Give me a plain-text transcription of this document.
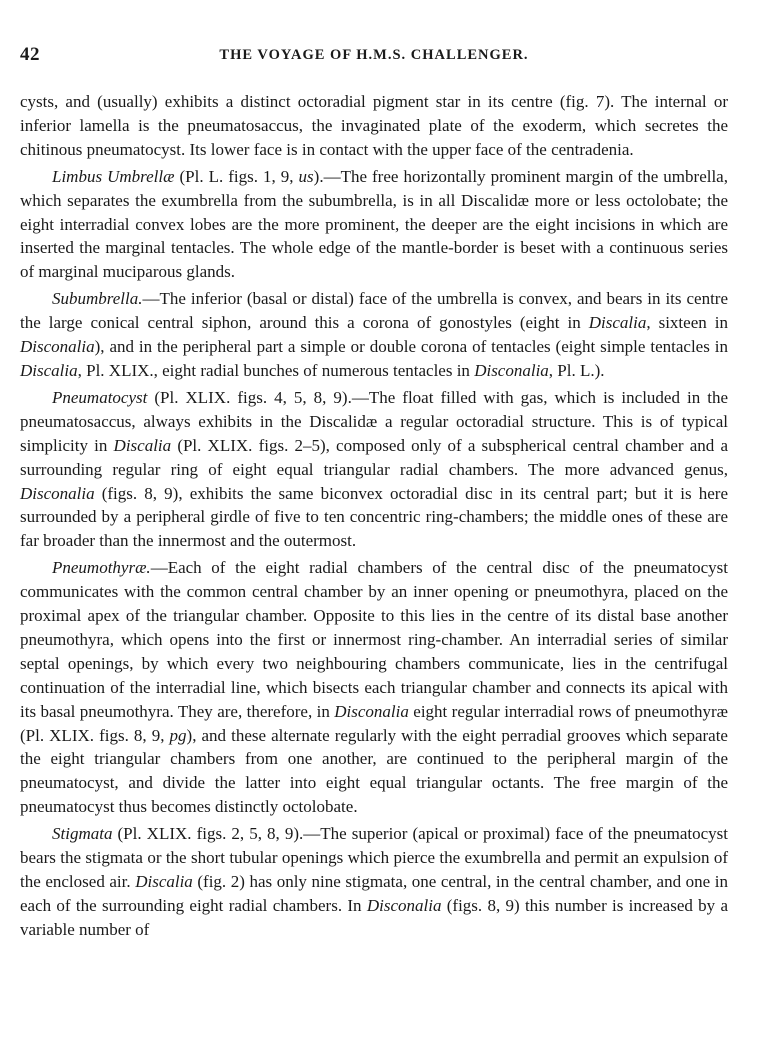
42	THE VOYAGE OF H.M.S. CHALLENGER.

cysts, and (usually) exhibits a distinct octoradial pigment star in its centre (fig. 7). The internal or inferior lamella is the pneumatosaccus, the invaginated plate of the exoderm, which secretes the chitinous pneumatocyst. Its lower face is in contact with the upper face of the centradenia.

Limbus Umbrellæ (Pl. L. figs. 1, 9, us).—The free horizontally prominent margin of the umbrella, which separates the exumbrella from the subumbrella, is in all Discalidæ more or less octolobate; the eight interradial convex lobes are the more prominent, the deeper are the eight incisions in which are inserted the marginal tentacles. The whole edge of the mantle-border is beset with a continuous series of marginal muciparous glands.

Subumbrella.—The inferior (basal or distal) face of the umbrella is convex, and bears in its centre the large conical central siphon, around this a corona of gonostyles (eight in Discalia, sixteen in Disconalia), and in the peripheral part a simple or double corona of tentacles (eight simple tentacles in Discalia, Pl. XLIX., eight radial bunches of numerous tentacles in Disconalia, Pl. L.).

Pneumatocyst (Pl. XLIX. figs. 4, 5, 8, 9).—The float filled with gas, which is included in the pneumatosaccus, always exhibits in the Discalidæ a regular octoradial structure. This is of typical simplicity in Discalia (Pl. XLIX. figs. 2–5), composed only of a subspherical central chamber and a surrounding regular ring of eight equal triangular radial chambers. The more advanced genus, Disconalia (figs. 8, 9), exhibits the same biconvex octoradial disc in its central part; but it is here surrounded by a peripheral girdle of five to ten concentric ring-chambers; the middle ones of these are far broader than the innermost and the outermost.

Pneumothyræ.—Each of the eight radial chambers of the central disc of the pneumatocyst communicates with the common central chamber by an inner opening or pneumothyra, placed on the proximal apex of the triangular chamber. Opposite to this lies in the centre of its distal base another pneumothyra, which opens into the first or innermost ring-chamber. An interradial series of similar septal openings, by which every two neighbouring chambers communicate, lies in the centrifugal continuation of the interradial line, which bisects each triangular chamber and connects its apical with its basal pneumothyra. They are, therefore, in Disconalia eight regular interradial rows of pneumothyræ (Pl. XLIX. figs. 8, 9, pg), and these alternate regularly with the eight perradial grooves which separate the eight triangular chambers from one another, are continued to the peripheral margin of the pneumatocyst, and divide the latter into eight equal triangular octants. The free margin of the pneumatocyst thus becomes distinctly octolobate.

Stigmata (Pl. XLIX. figs. 2, 5, 8, 9).—The superior (apical or proximal) face of the pneumatocyst bears the stigmata or the short tubular openings which pierce the exumbrella and permit an expulsion of the enclosed air. Discalia (fig. 2) has only nine stigmata, one central, in the central chamber, and one in each of the surrounding eight radial chambers. In Disconalia (figs. 8, 9) this number is increased by a variable number of
